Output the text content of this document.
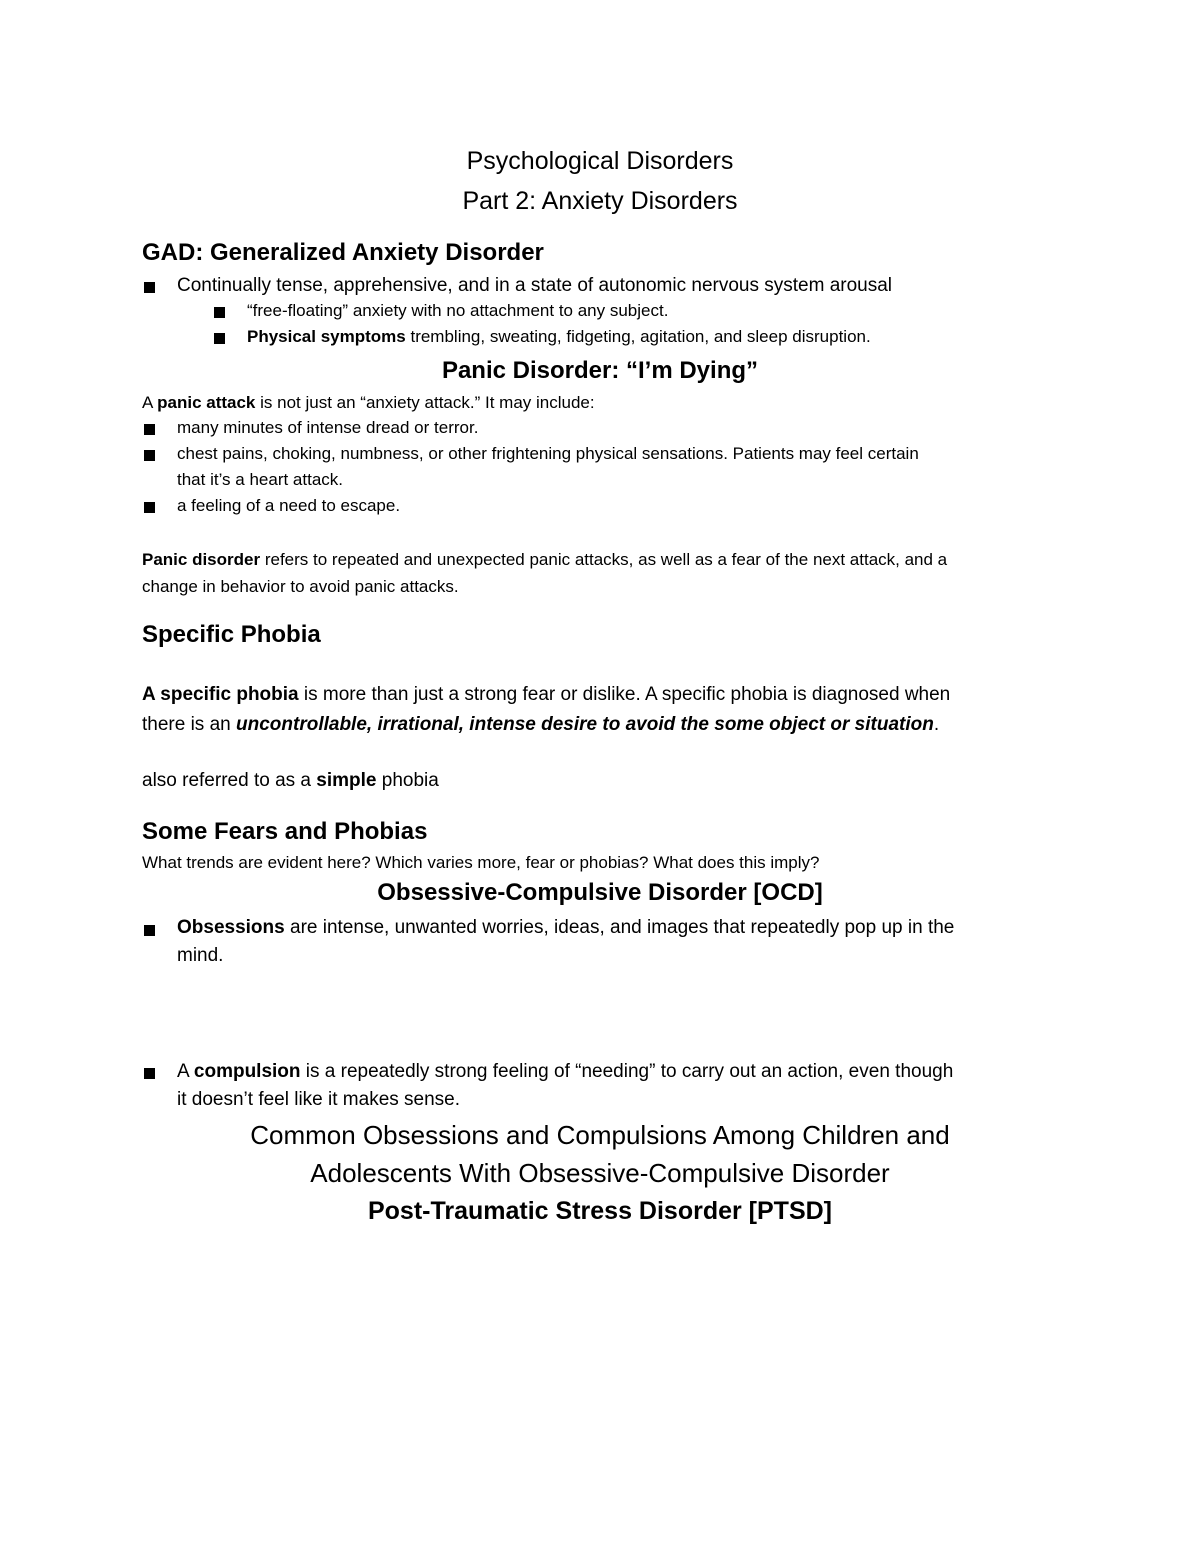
Psychological Disorders
Part 2: Anxiety Disorders
GAD: Generalized Anxiety Disorder
Continually tense, apprehensive, and in a state of autonomic nervous system arousal
“free-floating” anxiety with no attachment to any subject.
Physical symptoms trembling, sweating, fidgeting, agitation, and sleep disruption.
Panic Disorder: “I’m Dying”
A panic attack is not just an “anxiety attack.” It may include:
many minutes of intense dread or terror.
chest pains, choking, numbness, or other frightening physical sensations. Patients may feel certain
that it’s a heart attack.
a feeling of a need to escape.
Panic disorder refers to repeated and unexpected panic attacks, as well as a fear of the next attack, and a
change in behavior to avoid panic attacks.
Specific Phobia
A specific phobia is more than just a strong fear or dislike. A specific phobia is diagnosed when
there is an uncontrollable, irrational, intense desire to avoid the some object or situation.
also referred to as a simple phobia
Some Fears and Phobias
What trends are evident here? Which varies more, fear or phobias? What does this imply?
Obsessive-Compulsive Disorder [OCD]
Obsessions are intense, unwanted worries, ideas, and images that repeatedly pop up in the
mind.
A compulsion is a repeatedly strong feeling of “needing” to carry out an action, even though
it doesn’t feel like it makes sense.
Common Obsessions and Compulsions Among Children and
Adolescents With Obsessive-Compulsive Disorder
Post-Traumatic Stress Disorder [PTSD]
